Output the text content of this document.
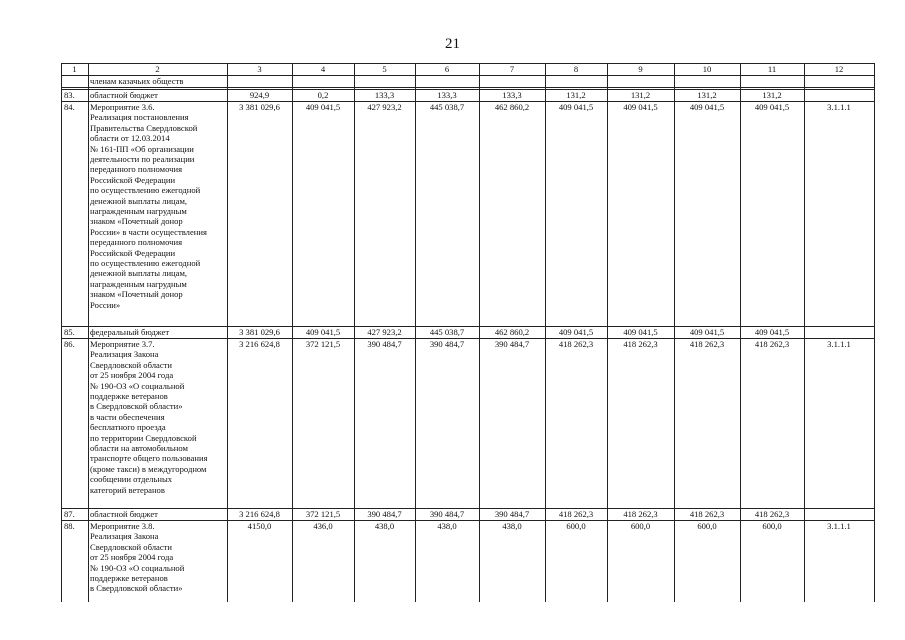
21
1	2	3	4	5	6	7	8	9	10	11	12
членам казачьих обществ
83. областной бюджет	924,9	0,2	133,3	133,3	133,3	131,2	131,2	131,2	131,2
84. Мероприятие 3.6.
Реализация постановления
Правительства Свердловской
области от 12.03.2014
№ 161-ПП «Об организации
деятельности по реализации
переданного полномочия
Российской Федерации
по осуществлению ежегодной
денежной выплаты лицам,
награжденным нагрудным
знаком «Почетный донор
России» в части осуществления
переданного полномочия
Российской Федерации
по осуществлению ежегодной
денежной выплаты лицам,
награжденным нагрудным
знаком «Почетный донор
России»
3 381 029,6	409 041,5	427 923,2	445 038,7	462 860,2	409 041,5	409 041,5	409 041,5	409 041,5	3.1.1.1
85. федеральный бюджет	3 381 029,6	409 041,5	427 923,2	445 038,7	462 860,2	409 041,5	409 041,5	409 041,5	409 041,5
86. Мероприятие 3.7.
Реализация Закона
Свердловской области
от 25 ноября 2004 года
№ 190-ОЗ «О социальной
поддержке ветеранов
в Свердловской области»
в части обеспечения
бесплатного проезда
по территории Свердловской
области на автомобильном
транспорте общего пользования
(кроме такси) в междугородном
сообщении отдельных
категорий ветеранов
3 216 624,8	372 121,5	390 484,7	390 484,7	390 484,7	418 262,3	418 262,3	418 262,3	418 262,3	3.1.1.1
87. областной бюджет	3 216 624,8	372 121,5	390 484,7	390 484,7	390 484,7	418 262,3	418 262,3	418 262,3	418 262,3
88. Мероприятие 3.8.
Реализация Закона
Свердловской области
от 25 ноября 2004 года
№ 190-ОЗ «О социальной
поддержке ветеранов
в Свердловской области»
4150,0	436,0	438,0	438,0	438,0	600,0	600,0	600,0	600,0	3.1.1.1
